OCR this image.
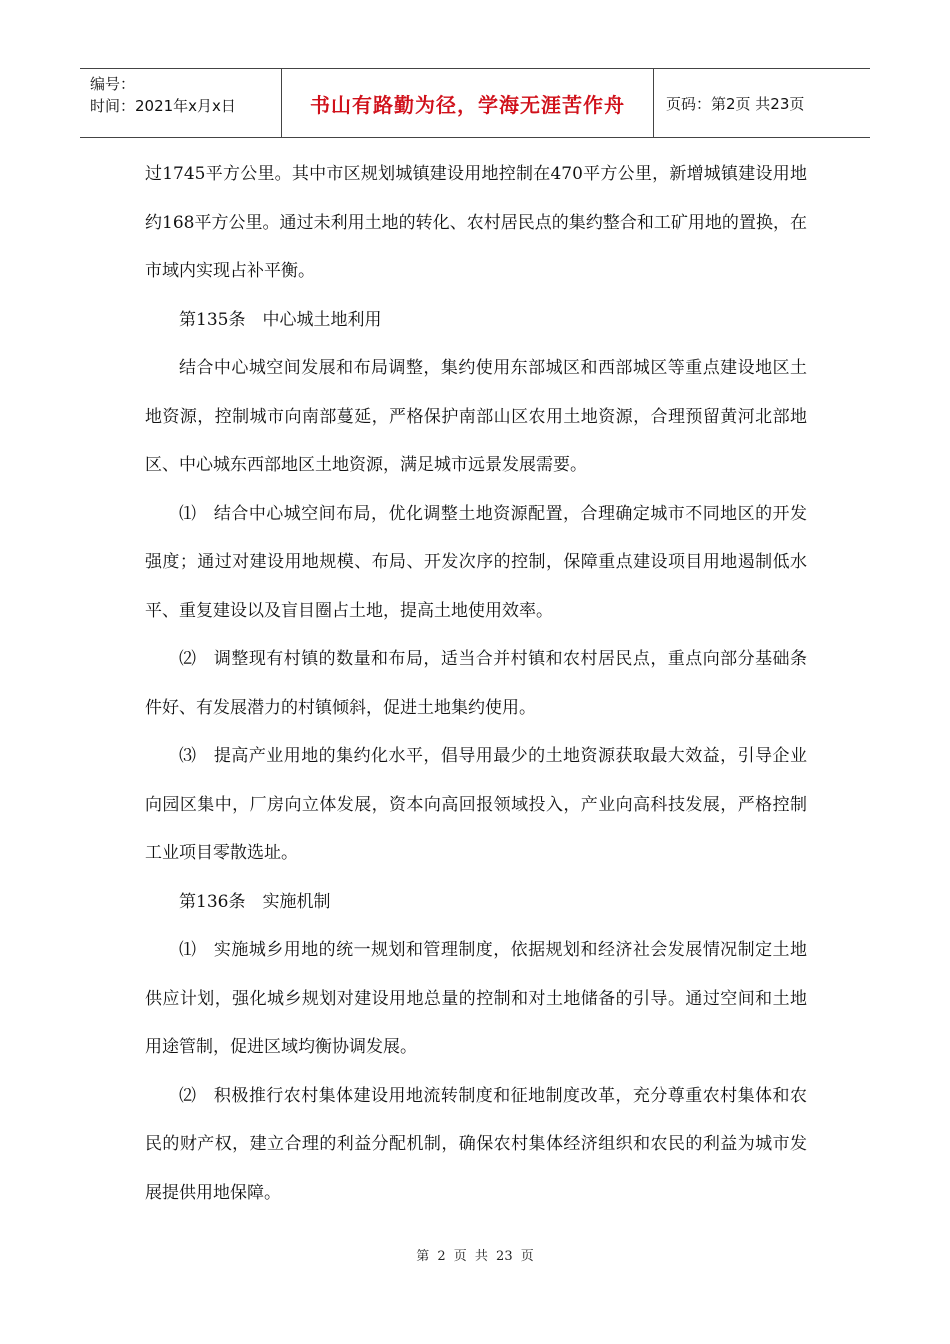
编号：
时间：2021年x月x日	书山有路勤为径，学海无涯苦作舟	页码：第2页 共23页

过1745平方公里。其中市区规划城镇建设用地控制在470平方公里，新增城镇建设用地约168平方公里。通过未利用土地的转化、农村居民点的集约整合和工矿用地的置换，在市域内实现占补平衡。

第135条　中心城土地利用

结合中心城空间发展和布局调整，集约使用东部城区和西部城区等重点建设地区土地资源，控制城市向南部蔓延，严格保护南部山区农用土地资源，合理预留黄河北部地区、中心城东西部地区土地资源，满足城市远景发展需要。

⑴　结合中心城空间布局，优化调整土地资源配置，合理确定城市不同地区的开发强度；通过对建设用地规模、布局、开发次序的控制，保障重点建设项目用地遏制低水平、重复建设以及盲目圈占土地，提高土地使用效率。

⑵　调整现有村镇的数量和布局，适当合并村镇和农村居民点，重点向部分基础条件好、有发展潜力的村镇倾斜，促进土地集约使用。

⑶　提高产业用地的集约化水平，倡导用最少的土地资源获取最大效益，引导企业向园区集中，厂房向立体发展，资本向高回报领域投入，产业向高科技发展，严格控制工业项目零散选址。

第136条　实施机制

⑴　实施城乡用地的统一规划和管理制度，依据规划和经济社会发展情况制定土地供应计划，强化城乡规划对建设用地总量的控制和对土地储备的引导。通过空间和土地用途管制，促进区域均衡协调发展。

⑵　积极推行农村集体建设用地流转制度和征地制度改革，充分尊重农村集体和农民的财产权，建立合理的利益分配机制，确保农村集体经济组织和农民的利益为城市发展提供用地保障。

第 2 页 共 23 页
